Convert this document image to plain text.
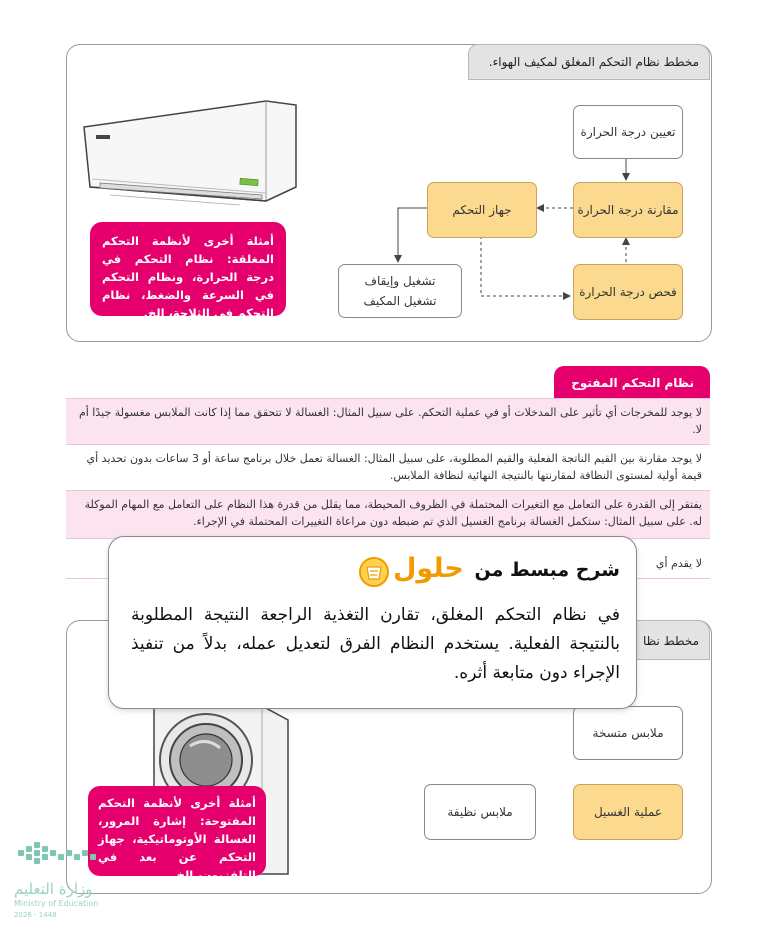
مخطط نظام التحكم المغلق لمكيف الهواء.
تعيين درجة الحرارة
مقارنة درجة الحرارة
فحص درجة الحرارة
جهاز التحكم
تشغيل وإيقاف تشغيل المكيف
أمثلة أخرى لأنظمة التحكم المغلقة: نظام التحكم في درجة الحرارة، ونظام التحكم في السرعة والضغط، نظام التحكم في الثلاجة، إلخ.
نظام التحكم المفتوح
لا يوجد للمخرجات أي تأثير على المدخلات أو في عملية التحكم. على سبيل المثال: الغسالة لا تتحقق مما إذا كانت الملابس مغسولة جيدًا أم لا.
لا يوجد مقارنة بين القيم الناتجة الفعلية والقيم المطلوبة، على سبيل المثال: الغسالة تعمل خلال برنامج ساعة أو 3 ساعات بدون تحديد أي قيمة أولية لمستوى النظافة لمقارنتها بالنتيجة النهائية لنظافة الملابس.
يفتقر إلى القدرة على التعامل مع التغيرات المحتملة في الظروف المحيطة، مما يقلل من قدرة هذا النظام على التعامل مع المهام الموكلة له. على سبيل المثال: ستكمل الغسالة برنامج الغسيل الذي تم ضبطه دون مراعاة التغييرات المحتملة في الإجراء.
لا يقدم أي
مخطط نظا
ملابس متسخة
عملية الغسيل
ملابس نظيفة
أمثلة أخرى لأنظمة التحكم المفتوحة: إشارة المرور، الغسالة الأوتوماتيكية، جهاز التحكم عن بعد في التلفزيون، إلخ.
شرح مبسط من
حلول
في نظام التحكم المغلق، تقارن التغذية الراجعة النتيجة المطلوبة بالنتيجة الفعلية. يستخدم النظام الفرق لتعديل عمله، بدلاً من تنفيذ الإجراء دون متابعة أثره.
وزارة التعليم
Ministry of Education
2026 - 1448
